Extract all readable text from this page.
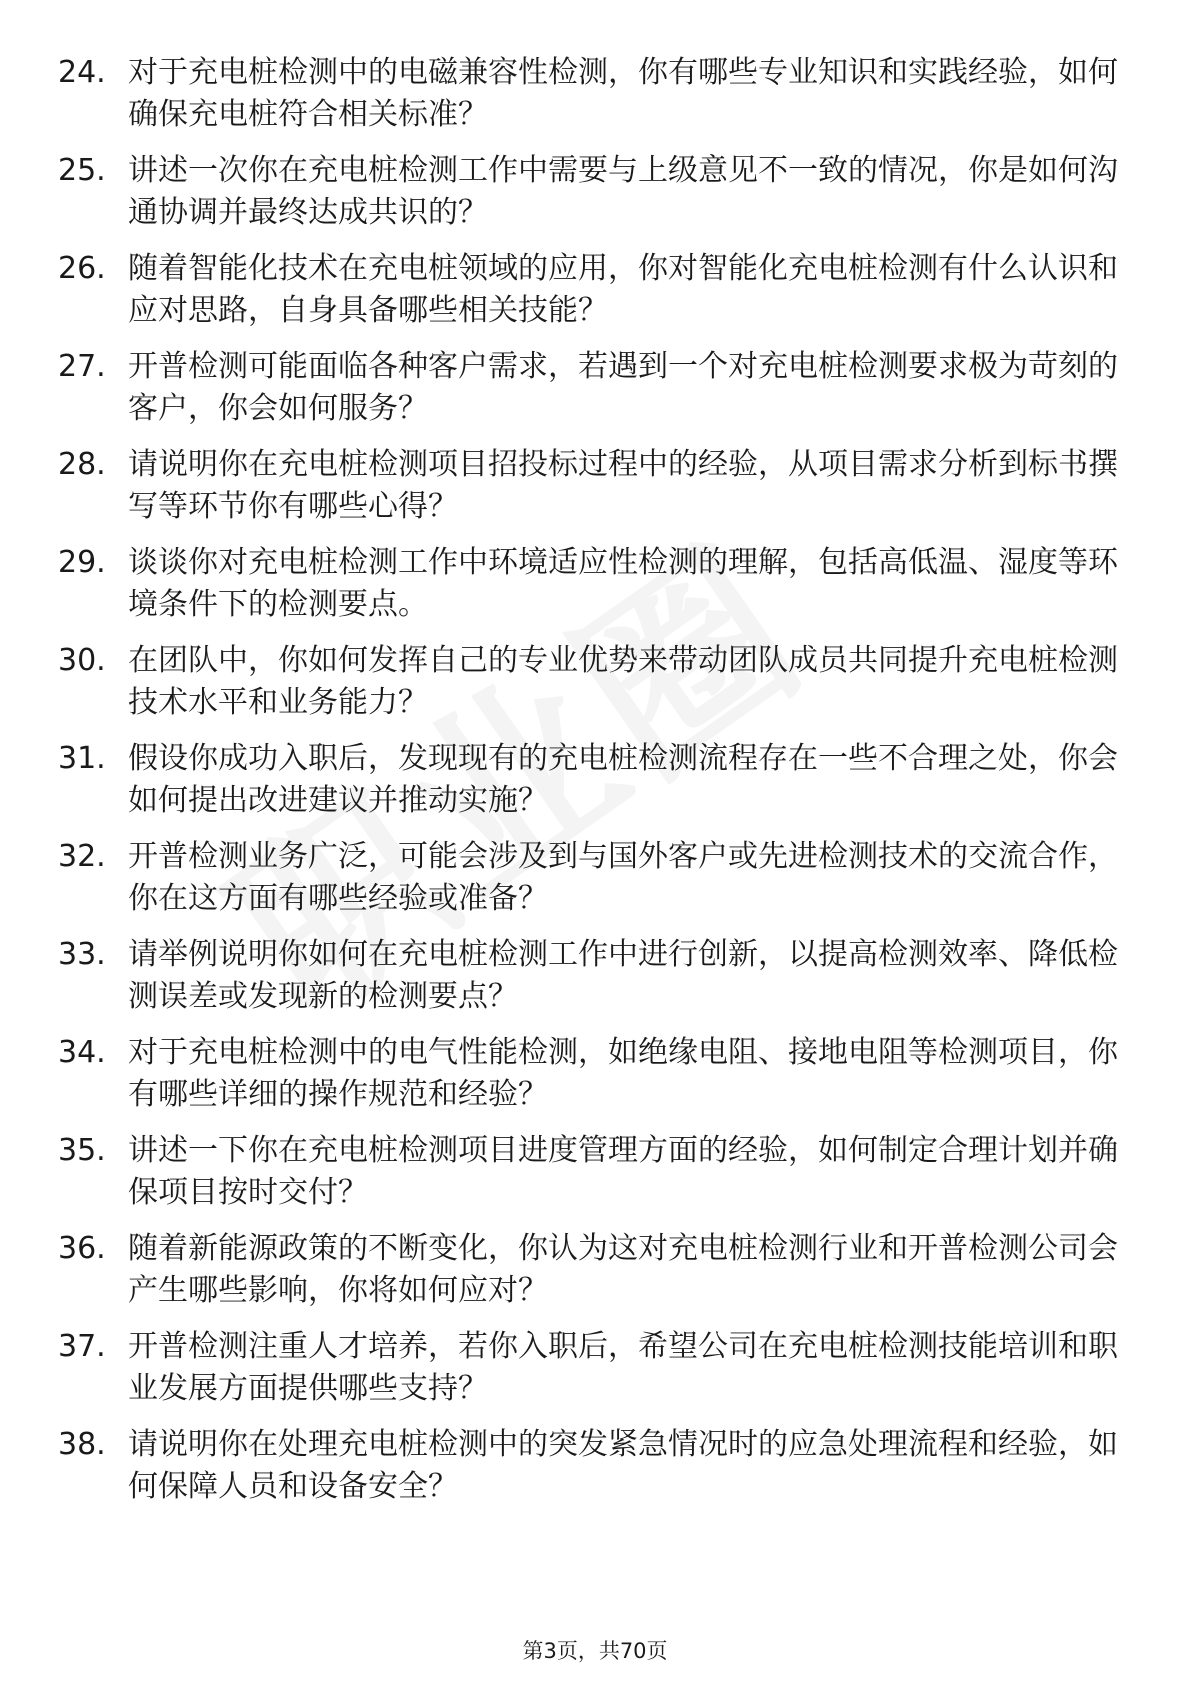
24. 对于充电桩检测中的电磁兼容性检测，你有哪些专业知识和实践经验，如何确保充电桩符合相关标准？
25. 讲述一次你在充电桩检测工作中需要与上级意见不一致的情况，你是如何沟通协调并最终达成共识的？
26. 随着智能化技术在充电桩领域的应用，你对智能化充电桩检测有什么认识和应对思路，自身具备哪些相关技能？
27. 开普检测可能面临各种客户需求，若遇到一个对充电桩检测要求极为苛刻的客户，你会如何服务？
28. 请说明你在充电桩检测项目招投标过程中的经验，从项目需求分析到标书撰写等环节你有哪些心得？
29. 谈谈你对充电桩检测工作中环境适应性检测的理解，包括高低温、湿度等环境条件下的检测要点。
30. 在团队中，你如何发挥自己的专业优势来带动团队成员共同提升充电桩检测技术水平和业务能力？
31. 假设你成功入职后，发现现有的充电桩检测流程存在一些不合理之处，你会如何提出改进建议并推动实施？
32. 开普检测业务广泛，可能会涉及到与国外客户或先进检测技术的交流合作，你在这方面有哪些经验或准备？
33. 请举例说明你如何在充电桩检测工作中进行创新，以提高检测效率、降低检测误差或发现新的检测要点？
34. 对于充电桩检测中的电气性能检测，如绝缘电阻、接地电阻等检测项目，你有哪些详细的操作规范和经验？
35. 讲述一下你在充电桩检测项目进度管理方面的经验，如何制定合理计划并确保项目按时交付？
36. 随着新能源政策的不断变化，你认为这对充电桩检测行业和开普检测公司会产生哪些影响，你将如何应对？
37. 开普检测注重人才培养，若你入职后，希望公司在充电桩检测技能培训和职业发展方面提供哪些支持？
38. 请说明你在处理充电桩检测中的突发紧急情况时的应急处理流程和经验，如何保障人员和设备安全？
第3页，共70页
